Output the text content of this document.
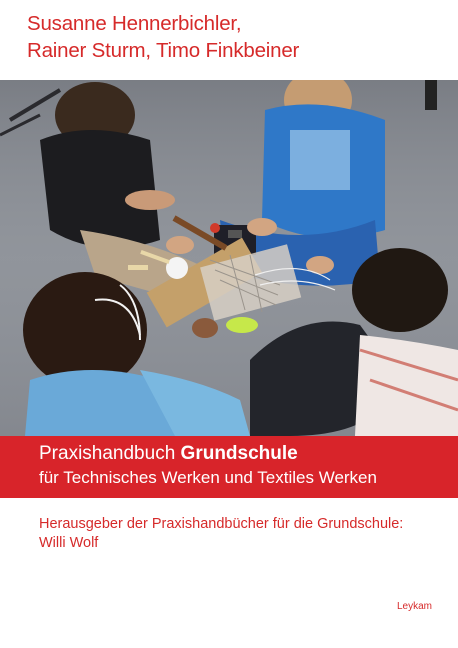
Susanne Hennerbichler,
Rainer Sturm, Timo Finkbeiner
Praxishandbuch Grundschule
für Technisches Werken und Textiles Werken
Herausgeber der Praxishandbücher für die Grundschule:
Willi Wolf
Leykam
